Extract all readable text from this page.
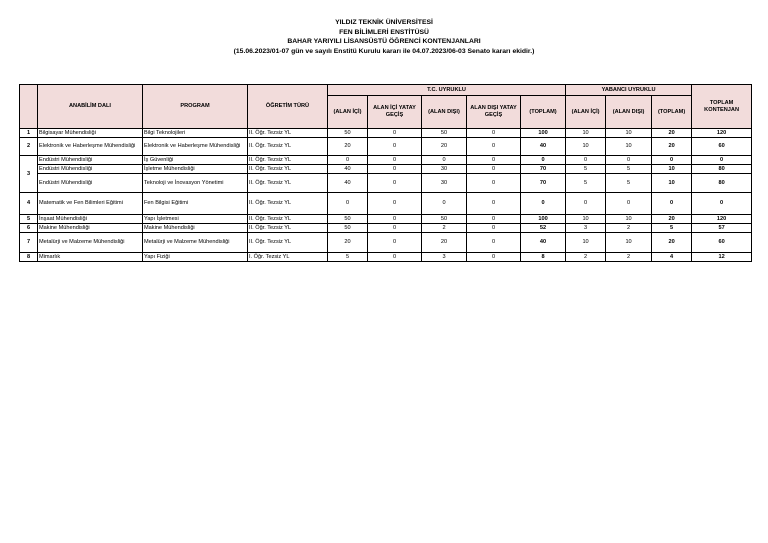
YILDIZ TEKNİK ÜNİVERSİTESİ
FEN BİLİMLERİ ENSTİTÜSÜ
BAHAR YARIYILI LİSANSÜSTÜ ÖĞRENCİ KONTENJANLARI
(15.06.2023/01-07 gün ve sayılı Enstitü Kurulu kararı ile 04.07.2023/06-03 Senato kararı ekidir.)
	ANABİLİM DALI	PROGRAM	ÖĞRETİM TÜRÜ	T.C. UYRUKLU					YABANCI UYRUKLU			TOPLAM KONTENJAN
				(ALAN İÇİ)	ALAN İÇİ YATAY GEÇİŞ	(ALAN DIŞI)	ALAN DIŞI YATAY GEÇİŞ	(TOPLAM)	(ALAN İÇİ)	(ALAN DIŞI)	(TOPLAM)	
1	Bilgisayar Mühendisliği	Bilgi Teknolojileri	II. Öğr. Tezsiz YL	50	0	50	0	100	10	10	20	120
2	Elektronik ve Haberleşme Mühendisliği	Elektronik ve Haberleşme Mühendisliği	II. Öğr. Tezsiz YL	20	0	20	0	40	10	10	20	60
3	Endüstri Mühendisliği	İş Güvenliği	II. Öğr. Tezsiz YL	0	0	0	0	0	0	0	0	0
	Endüstri Mühendisliği	İşletme Mühendisliği	II. Öğr. Tezsiz YL	40	0	30	0	70	5	5	10	80
	Endüstri Mühendisliği	Teknoloji ve İnovasyon Yönetimi	II. Öğr. Tezsiz YL	40	0	30	0	70	5	5	10	80
4	Matematik ve Fen Bilimleri Eğitimi	Fen Bilgisi Eğitimi	II. Öğr. Tezsiz YL	0	0	0	0	0	0	0	0	0
5	İnşaat Mühendisliği	Yapı İşletmesi	II. Öğr. Tezsiz YL	50	0	50	0	100	10	10	20	120
6	Makine Mühendisliği	Makine Mühendisliği	II. Öğr. Tezsiz YL	50	0	2	0	52	3	2	5	57
7	Metalürji ve Malzeme Mühendisliği	Metalürji ve Malzeme Mühendisliği	II. Öğr. Tezsiz YL	20	0	20	0	40	10	10	20	60
8	Mimarlık	Yapı Fiziği	I. Öğr. Tezsiz YL	5	0	3	0	8	2	2	4	12
